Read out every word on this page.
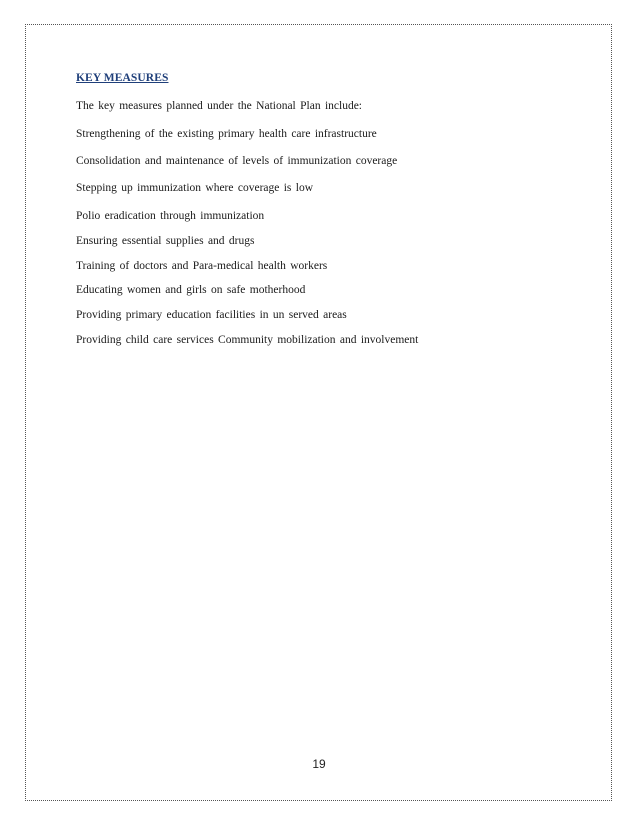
KEY MEASURES
The key measures planned under the National Plan include:
Strengthening of the existing primary health care infrastructure
Consolidation and maintenance of levels of immunization coverage
Stepping up immunization where coverage is low
Polio eradication through immunization
Ensuring essential supplies and drugs
Training of doctors and Para-medical health workers
Educating women and girls on safe motherhood
Providing primary education facilities in un served areas
Providing child care services Community mobilization and involvement
19
